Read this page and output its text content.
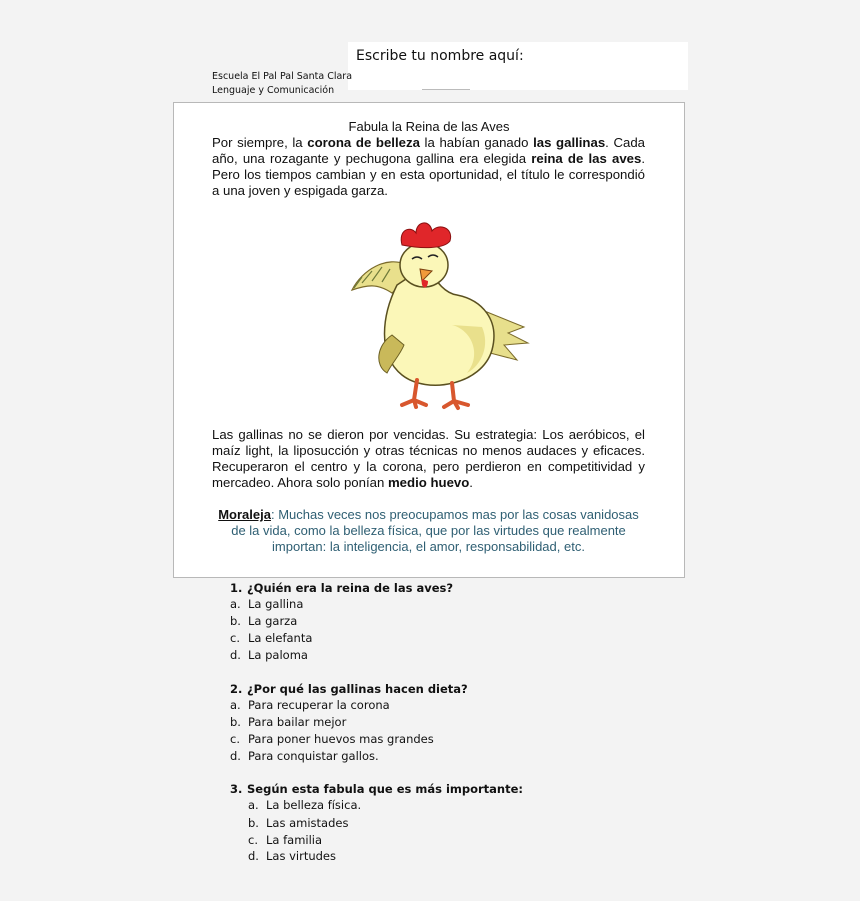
Escribe tu nombre aquí:
Escuela El Pal Pal Santa Clara
Lenguaje y Comunicación
Fabula la Reina de las Aves
Por siempre, la corona de belleza la habían ganado las gallinas. Cada año, una rozagante y pechugona gallina era elegida reina de las aves. Pero los tiempos cambian y en esta oportunidad, el título le correspondió a una joven y espigada garza.
Las gallinas no se dieron por vencidas. Su estrategia: Los aeróbicos, el maíz light, la liposucción y otras técnicas no menos audaces y eficaces. Recuperaron el centro y la corona, pero perdieron en competitividad y mercadeo. Ahora solo ponían medio huevo.
Moraleja: Muchas veces nos preocupamos mas por las cosas vanidosas de la vida, como la belleza física, que por las virtudes que realmente importan: la inteligencia, el amor, responsabilidad, etc.
1. ¿Quién era la reina de las aves?
a. La gallina
b. La garza
c. La elefanta
d. La paloma
2. ¿Por qué las gallinas hacen dieta?
a. Para recuperar la corona
b. Para bailar mejor
c. Para poner huevos mas grandes
d. Para conquistar gallos.
3. Según esta fabula que es más importante:
a. La belleza física.
b. Las amistades
c. La familia
d. Las virtudes
